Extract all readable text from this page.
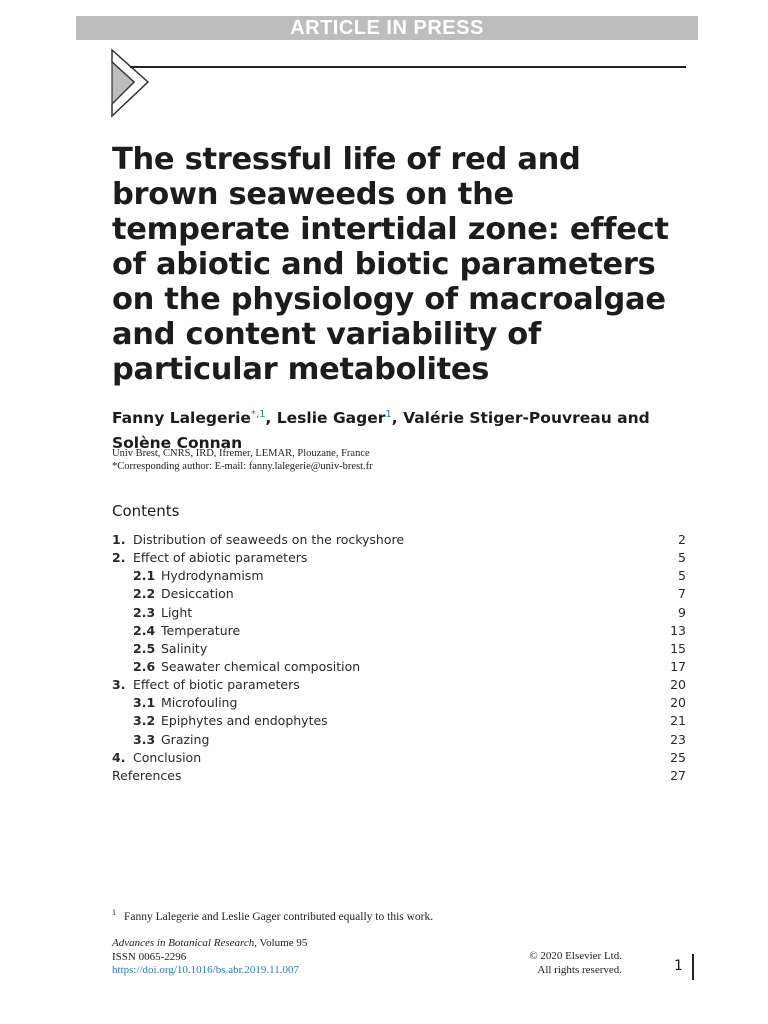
ARTICLE IN PRESS
The stressful life of red and
brown seaweeds on the
temperate intertidal zone: effect
of abiotic and biotic parameters
on the physiology of macroalgae
and content variability of
particular metabolites
Fanny Lalegerie$^{*,1}$, Leslie Gager$^1$, Valérie Stiger-Pouvreau and
Solène Connan
Univ Brest, CNRS, IRD, Ifremer, LEMAR, Plouzane, France
*Corresponding author: E-mail: fanny.lalegerie@univ-brest.fr
Contents
1. Distribution of seaweeds on the rockyshore	2
2. Effect of abiotic parameters	5
2.1 Hydrodynamism	5
2.2 Desiccation	7
2.3 Light	9
2.4 Temperature	13
2.5 Salinity	15
2.6 Seawater chemical composition	17
3. Effect of biotic parameters	20
3.1 Microfouling	20
3.2 Epiphytes and endophytes	21
3.3 Grazing	23
4. Conclusion	25
References	27
$^1$ Fanny Lalegerie and Leslie Gager contributed equally to this work.
Advances in Botanical Research, Volume 95
ISSN 0065-2296
https://doi.org/10.1016/bs.abr.2019.11.007
© 2020 Elsevier Ltd.
All rights reserved.	1
